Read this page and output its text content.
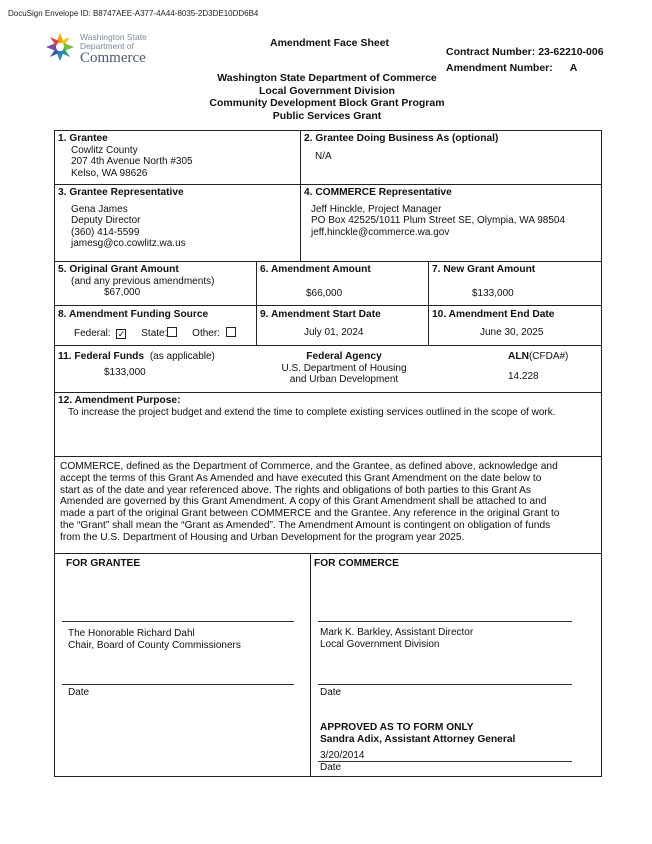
DocuSign Envelope ID: B8747AEE-A377-4A44-8035-2D3DE10DD6B4
Washington State
Department of
Commerce
Amendment Face Sheet
Contract Number: 23-62210-006
Amendment Number: A
Washington State Department of Commerce
Local Government Division
Community Development Block Grant Program
Public Services Grant
1. Grantee
Cowlitz County
207 4th Avenue North #305
Kelso, WA 98626
2. Grantee Doing Business As (optional)
N/A
3. Grantee Representative
Gena James
Deputy Director
(360) 414-5599
jamesg@co.cowlitz.wa.us
4. COMMERCE Representative
Jeff Hinckle, Project Manager
PO Box 42525/1011 Plum Street SE, Olympia, WA 98504
jeff.hinckle@commerce.wa.gov
5. Original Grant Amount
(and any previous amendments)
$67,000
6. Amendment Amount
$66,000
7. New Grant Amount
$133,000
8. Amendment Funding Source
Federal: ✓ State: Other:
9. Amendment Start Date
July 01, 2024
10. Amendment End Date
June 30, 2025
11. Federal Funds (as applicable)
$133,000
Federal Agency
U.S. Department of Housing
and Urban Development
ALN(CFDA#)
14.228
12. Amendment Purpose:
To increase the project budget and extend the time to complete existing services outlined in the scope of work.
COMMERCE, defined as the Department of Commerce, and the Grantee, as defined above, acknowledge and
accept the terms of this Grant As Amended and have executed this Grant Amendment on the date below to
start as of the date and year referenced above. The rights and obligations of both parties to this Grant As
Amended are governed by this Grant Amendment. A copy of this Grant Amendment shall be attached to and
made a part of the original Grant between COMMERCE and the Grantee. Any reference in the original Grant to
the “Grant” shall mean the “Grant as Amended”. The Amendment Amount is contingent on obligation of funds
from the U.S. Department of Housing and Urban Development for the program year 2025.
FOR GRANTEE
The Honorable Richard Dahl
Chair, Board of County Commissioners
Date
FOR COMMERCE
Mark K. Barkley, Assistant Director
Local Government Division
Date
APPROVED AS TO FORM ONLY
Sandra Adix, Assistant Attorney General
3/20/2014
Date
